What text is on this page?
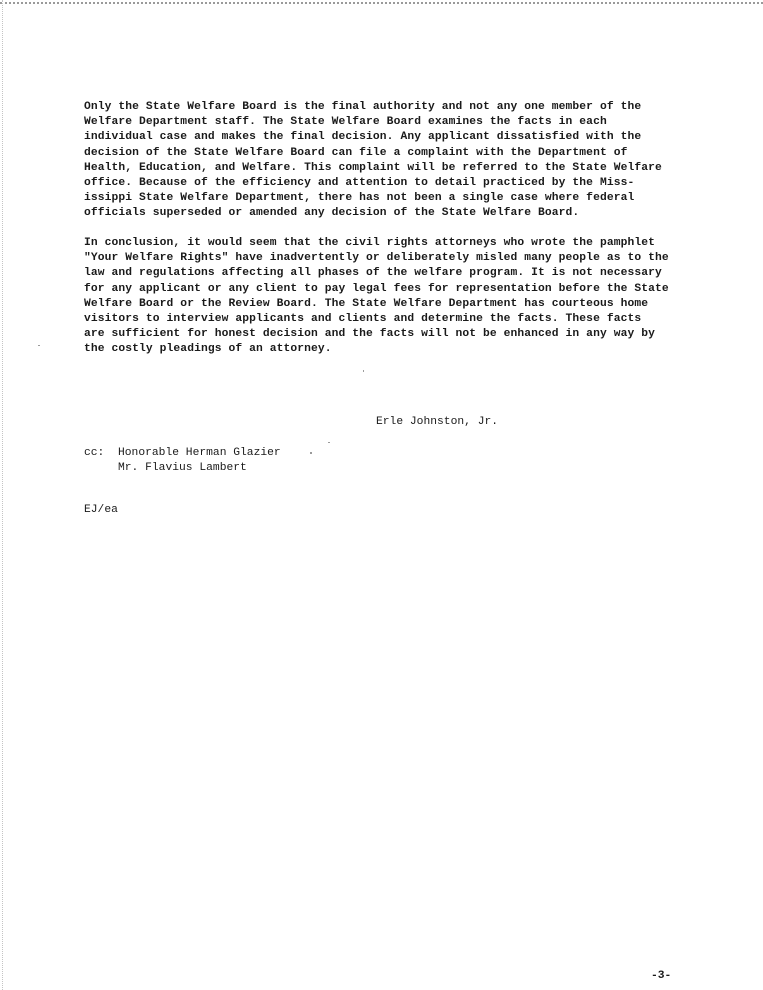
Only the State Welfare Board is the final authority and not any one member of the
Welfare Department staff. The State Welfare Board examines the facts in each
individual case and makes the final decision. Any applicant dissatisfied with the
decision of the State Welfare Board can file a complaint with the Department of
Health, Education, and Welfare. This complaint will be referred to the State Welfare
office. Because of the efficiency and attention to detail practiced by the Miss-
issippi State Welfare Department, there has not been a single case where federal
officials superseded or amended any decision of the State Welfare Board.
In conclusion, it would seem that the civil rights attorneys who wrote the pamphlet
"Your Welfare Rights" have inadvertently or deliberately misled many people as to the
law and regulations affecting all phases of the welfare program. It is not necessary
for any applicant or any client to pay legal fees for representation before the State
Welfare Board or the Review Board. The State Welfare Department has courteous home
visitors to interview applicants and clients and determine the facts. These facts
are sufficient for honest decision and the facts will not be enhanced in any way by
the costly pleadings of an attorney.
Erle Johnston, Jr.
cc: Honorable Herman Glazier
Mr. Flavius Lambert
EJ/ea
-3-
